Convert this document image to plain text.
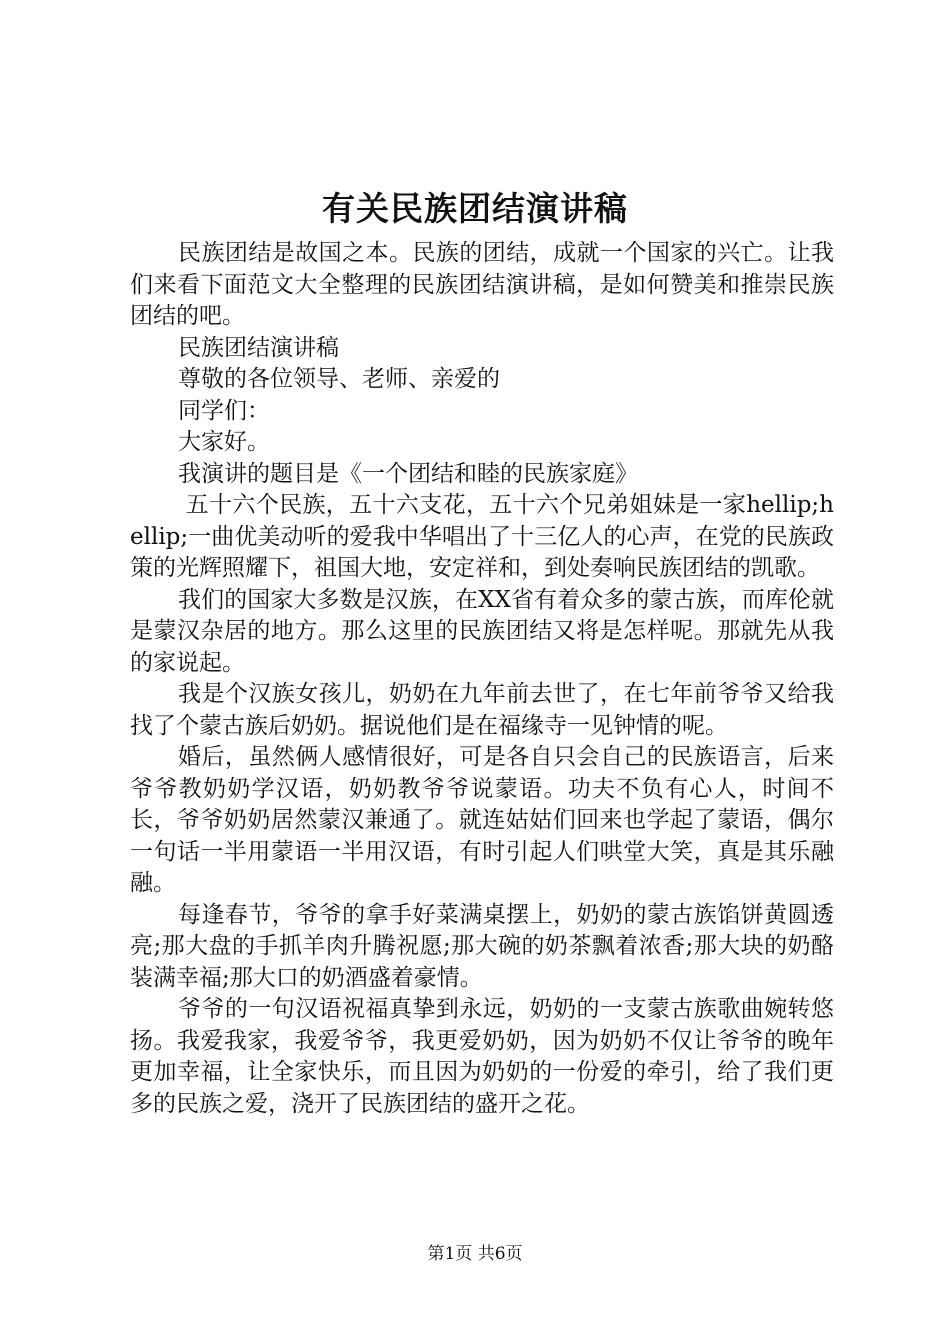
有关民族团结演讲稿

民族团结是故国之本。民族的团结，成就一个国家的兴亡。让我们来看下面范文大全整理的民族团结演讲稿，是如何赞美和推崇民族团结的吧。

民族团结演讲稿

尊敬的各位领导、老师、亲爱的

同学们：

大家好。

我演讲的题目是《一个团结和睦的民族家庭》

五十六个民族，五十六支花，五十六个兄弟姐妹是一家hellip;hellip;一曲优美动听的爱我中华唱出了十三亿人的心声，在党的民族政策的光辉照耀下，祖国大地，安定祥和，到处奏响民族团结的凯歌。

我们的国家大多数是汉族，在XX省有着众多的蒙古族，而库伦就是蒙汉杂居的地方。那么这里的民族团结又将是怎样呢。那就先从我的家说起。

我是个汉族女孩儿，奶奶在九年前去世了，在七年前爷爷又给我找了个蒙古族后奶奶。据说他们是在福缘寺一见钟情的呢。

婚后，虽然俩人感情很好，可是各自只会自己的民族语言，后来爷爷教奶奶学汉语，奶奶教爷爷说蒙语。功夫不负有心人，时间不长，爷爷奶奶居然蒙汉兼通了。就连姑姑们回来也学起了蒙语，偶尔一句话一半用蒙语一半用汉语，有时引起人们哄堂大笑，真是其乐融融。

每逢春节，爷爷的拿手好菜满桌摆上，奶奶的蒙古族馅饼黄圆透亮;那大盘的手抓羊肉升腾祝愿;那大碗的奶茶飘着浓香;那大块的奶酪装满幸福;那大口的奶酒盛着豪情。

爷爷的一句汉语祝福真挚到永远，奶奶的一支蒙古族歌曲婉转悠扬。我爱我家，我爱爷爷，我更爱奶奶，因为奶奶不仅让爷爷的晚年更加幸福，让全家快乐，而且因为奶奶的一份爱的牵引，给了我们更多的民族之爱，浇开了民族团结的盛开之花。

第1页 共6页
